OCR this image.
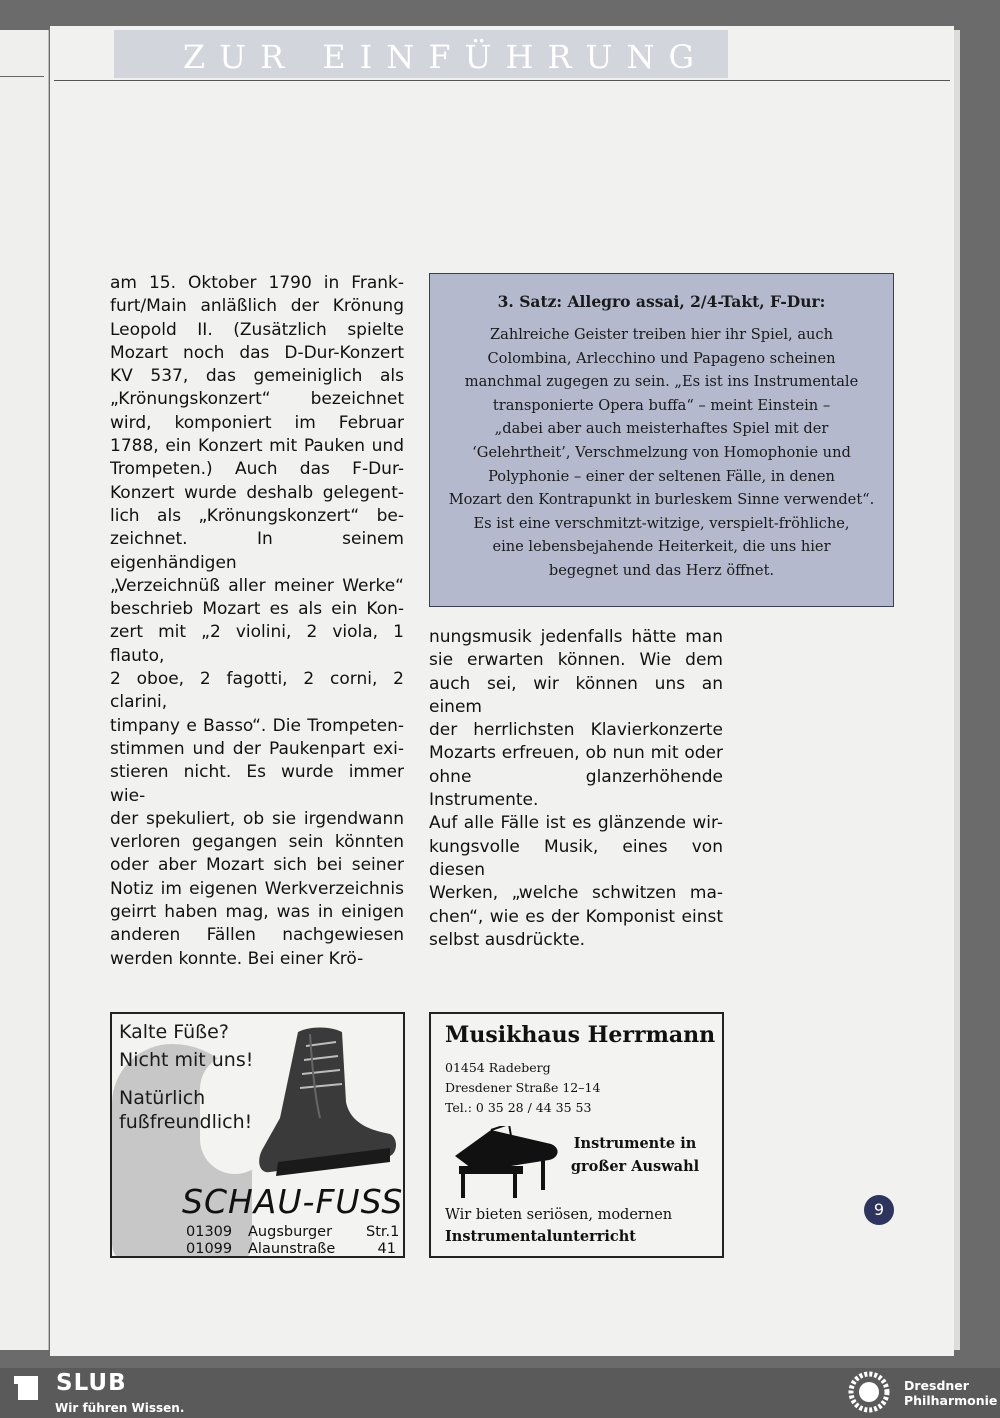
ZUR EINFÜHRUNG
am 15. Oktober 1790 in Frank-
furt/Main anläßlich der Krönung
Leopold II. (Zusätzlich spielte
Mozart noch das D-Dur-Konzert
KV 537, das gemeiniglich als
„Krönungskonzert“ bezeichnet
wird, komponiert im Februar
1788, ein Konzert mit Pauken und
Trompeten.) Auch das F-Dur-
Konzert wurde deshalb gelegent-
lich als „Krönungskonzert“ be-
zeichnet. In seinem eigenhändigen
„Verzeichnüß aller meiner Werke“
beschrieb Mozart es als ein Kon-
zert mit „2 violini, 2 viola, 1 flauto,
2 oboe, 2 fagotti, 2 corni, 2 clarini,
timpany e Basso“. Die Trompeten-
stimmen und der Paukenpart exi-
stieren nicht. Es wurde immer wie-
der spekuliert, ob sie irgendwann
verloren gegangen sein könnten
oder aber Mozart sich bei seiner
Notiz im eigenen Werkverzeichnis
geirrt haben mag, was in einigen
anderen Fällen nachgewiesen
werden konnte. Bei einer Krö-
3. Satz: Allegro assai, 2/4-Takt, F-Dur:

Zahlreiche Geister treiben hier ihr Spiel, auch
Colombina, Arlecchino und Papageno scheinen
manchmal zugegen zu sein. „Es ist ins Instrumentale
transponierte Opera buffa“ – meint Einstein –
„dabei aber auch meisterhaftes Spiel mit der
‘Gelehrtheit’, Verschmelzung von Homophonie und
Polyphonie – einer der seltenen Fälle, in denen
Mozart den Kontrapunkt in burleskem Sinne verwendet“.
Es ist eine verschmitzt-witzige, verspielt-fröhliche,
eine lebensbejahende Heiterkeit, die uns hier
begegnet und das Herz öffnet.

nungsmusik jedenfalls hätte man
sie erwarten können. Wie dem
auch sei, wir können uns an einem
der herrlichsten Klavierkonzerte
Mozarts erfreuen, ob nun mit oder
ohne glanzerhöhende Instrumente.
Auf alle Fälle ist es glänzende wir-
kungsvolle Musik, eines von diesen
Werken, „welche schwitzen ma-
chen“, wie es der Komponist einst
selbst ausdrückte.
Kalte Füße?
Nicht mit uns!
Natürlich
fußfreundlich!
SCHAU-FUSS
01309 Augsburger Str.1
01099 Alaunstraße	41
Musikhaus Herrmann
01454 Radeberg
Dresdener Straße 12–14
Tel.: 0 35 28 / 44 35 53
Instrumente in
großer Auswahl
Wir bieten seriösen, modernen
Instrumentalunterricht
9
SLUB
Wir führen Wissen.
Dresdner
Philharmonie
